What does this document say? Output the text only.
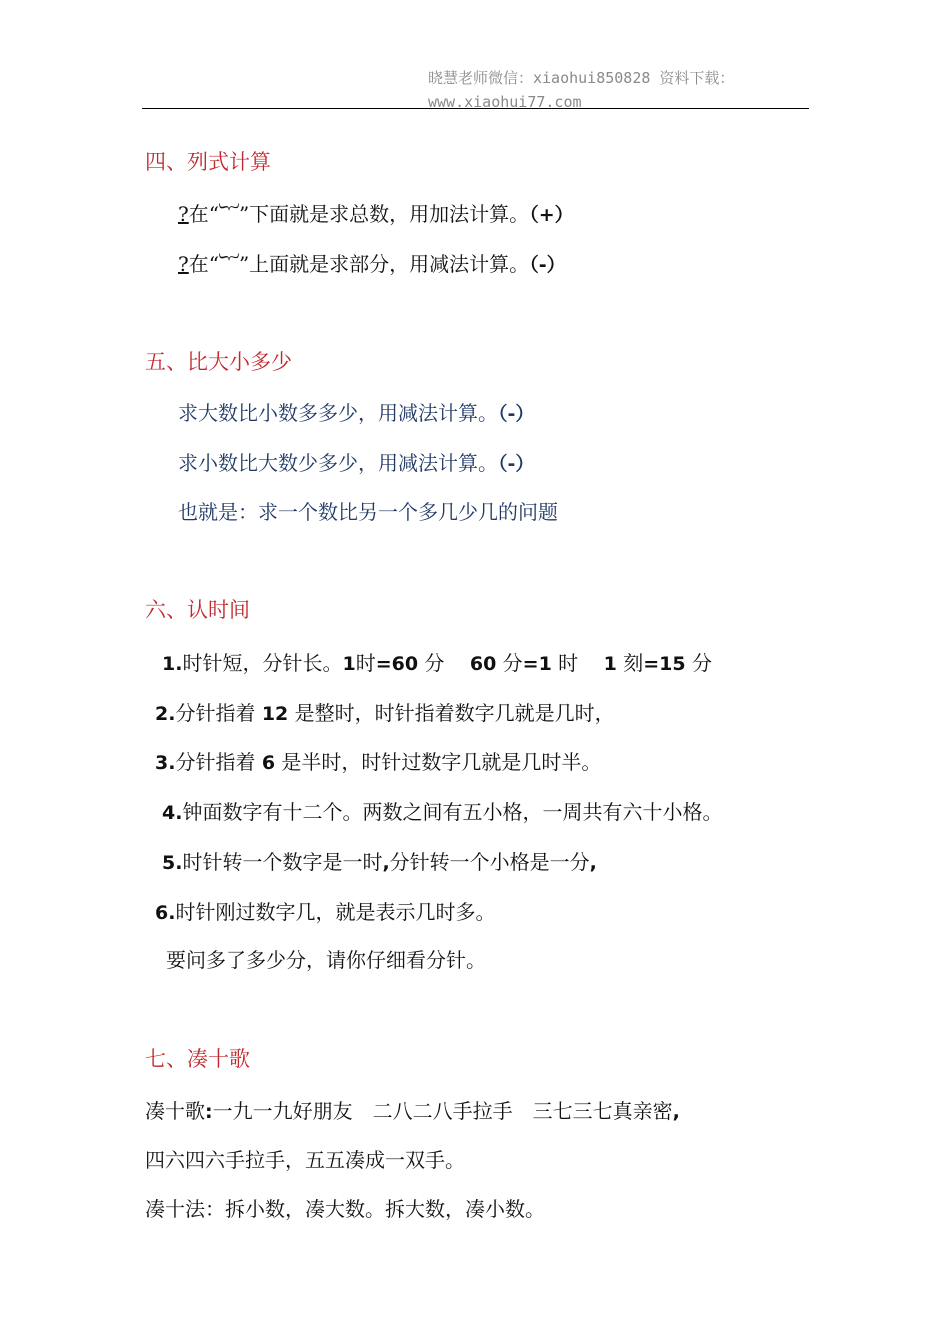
晓慧老师微信：xiaohui850828 资料下载：www.xiaohui77.com
四、列式计算
?在“︸”下面就是求总数，用加法计算。（+）
?在“︸”上面就是求部分，用减法计算。（-）
五、比大小多少
求大数比小数多多少，用减法计算。（-）
求小数比大数少多少，用减法计算。（-）
也就是：求一个数比另一个多几少几的问题
六、认时间
1.时针短，分针长。1时=60 分 60 分=1 时 1 刻=15 分
2.分针指着 12 是整时，时针指着数字几就是几时，
3.分针指着 6 是半时，时针过数字几就是几时半。
4.钟面数字有十二个。两数之间有五小格，一周共有六十小格。
5.时针转一个数字是一时,分针转一个小格是一分,
6.时针刚过数字几，就是表示几时多。
要问多了多少分，请你仔细看分针。
七、凑十歌
凑十歌:一九一九好朋友　二八二八手拉手　三七三七真亲密,
四六四六手拉手，五五凑成一双手。
凑十法：拆小数，凑大数。拆大数，凑小数。
